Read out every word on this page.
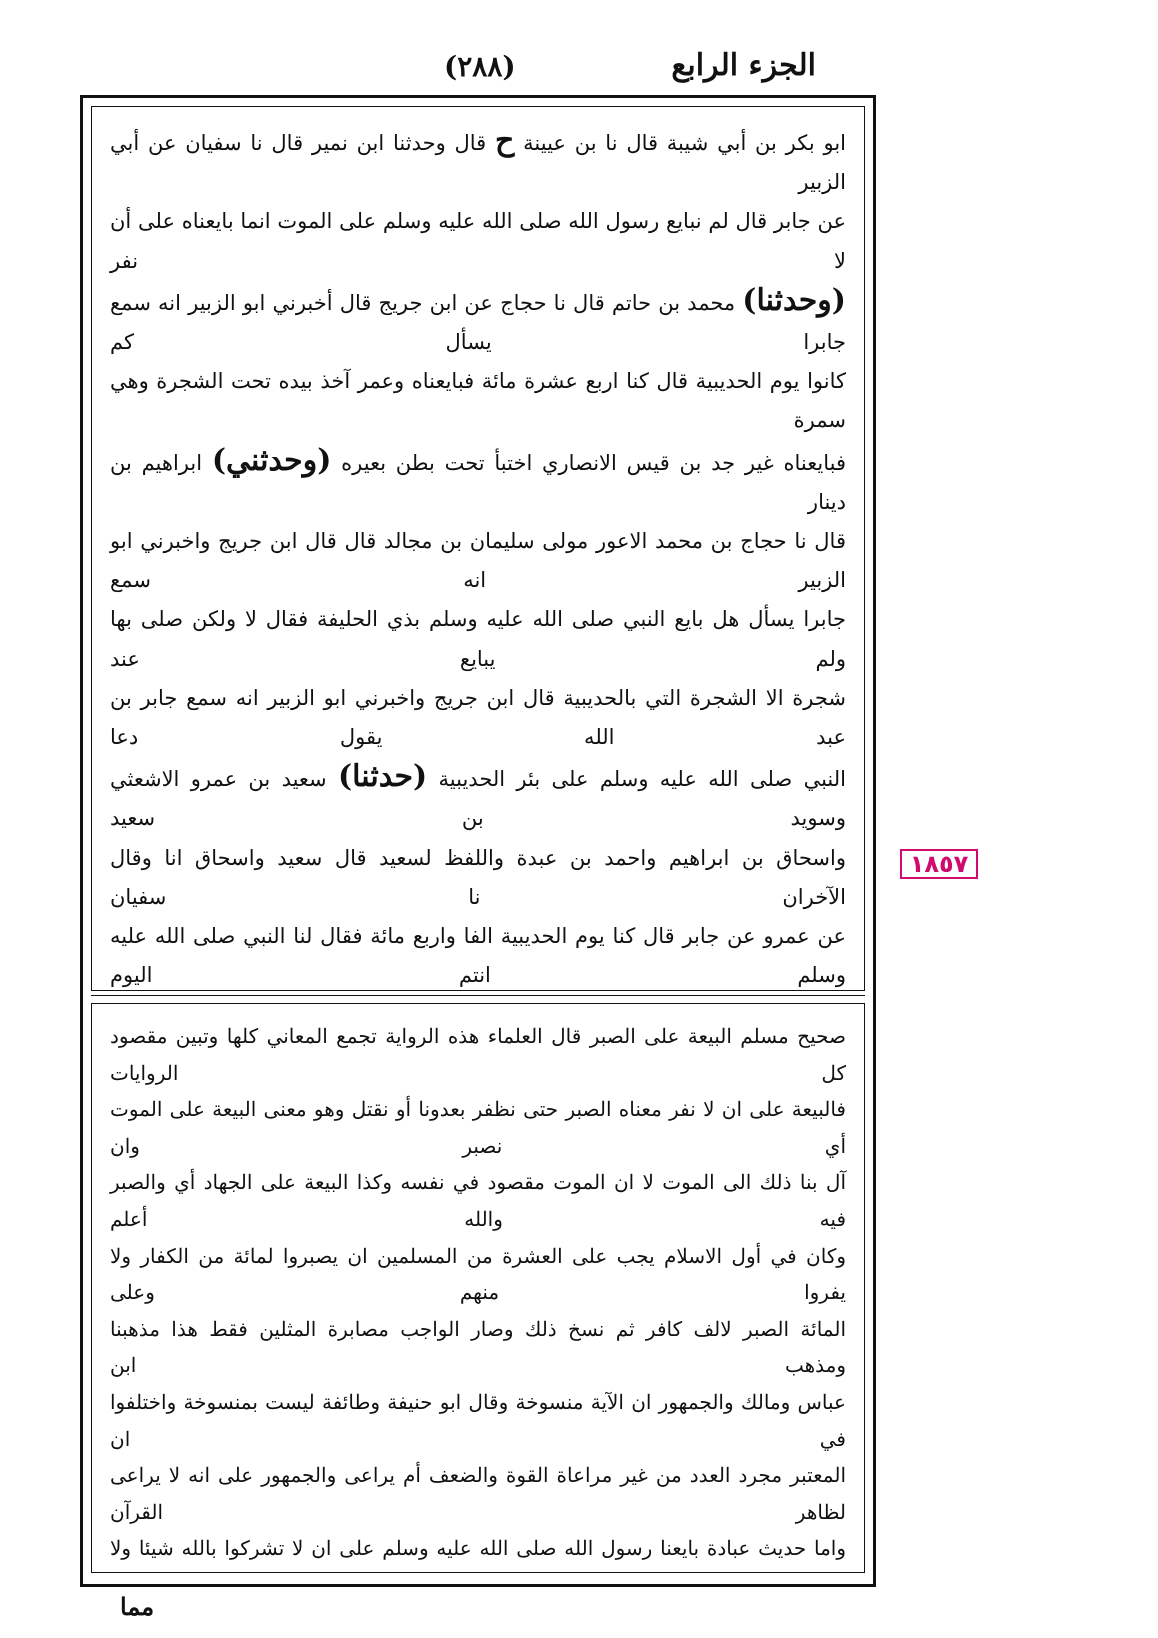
الجزء الرابع
(٢٨٨)

ابو بكر بن أبي شيبة قال نا بن عيينة ح قال وحدثنا ابن نمير قال نا سفيان عن أبي الزبير

عن جابر قال لم نبايع رسول الله صلى الله عليه وسلم على الموت انما بايعناه على أن لا نفر

(وحدثنا) محمد بن حاتم قال نا حجاج عن ابن جريج قال أخبرني ابو الزبير انه سمع جابرا يسأل كم

كانوا يوم الحديبية قال كنا اربع عشرة مائة فبايعناه وعمر آخذ بيده تحت الشجرة وهي سمرة

فبايعناه غير جد بن قيس الانصاري اختبأ تحت بطن بعيره (وحدثني) ابراهيم بن دينار

قال نا حجاج بن محمد الاعور مولى سليمان بن مجالد قال قال ابن جريج واخبرني ابو الزبير انه سمع

جابرا يسأل هل بايع النبي صلى الله عليه وسلم بذي الحليفة فقال لا ولكن صلى بها ولم يبايع عند

شجرة الا الشجرة التي بالحديبية قال ابن جريج واخبرني ابو الزبير انه سمع جابر بن عبد الله يقول دعا

النبي صلى الله عليه وسلم على بئر الحديبية (حدثنا) سعيد بن عمرو الاشعثي وسويد بن سعيد

واسحاق بن ابراهيم واحمد بن عبدة واللفظ لسعيد قال سعيد واسحاق انا وقال الآخران نا سفيان

عن عمرو عن جابر قال كنا يوم الحديبية الفا واربع مائة فقال لنا النبي صلى الله عليه وسلم انتم اليوم

صحيح مسلم البيعة على الصبر قال العلماء هذه الرواية تجمع المعاني كلها وتبين مقصود كل الروايات

فالبيعة على ان لا نفر معناه الصبر حتى نظفر بعدونا أو نقتل وهو معنى البيعة على الموت أي نصبر وان

آل بنا ذلك الى الموت لا ان الموت مقصود في نفسه وكذا البيعة على الجهاد أي والصبر فيه والله أعلم

وكان في أول الاسلام يجب على العشرة من المسلمين ان يصبروا لمائة من الكفار ولا يفروا منهم وعلى

المائة الصبر لالف كافر ثم نسخ ذلك وصار الواجب مصابرة المثلين فقط هذا مذهبنا ومذهب ابن

عباس ومالك والجمهور ان الآية منسوخة وقال ابو حنيفة وطائفة ليست بمنسوخة واختلفوا في ان

المعتبر مجرد العدد من غير مراعاة القوة والضعف أم يراعى والجمهور على انه لا يراعى لظاهر القرآن

واما حديث عبادة بايعنا رسول الله صلى الله عليه وسلم على ان لا تشركوا بالله شيئا ولا

١٨٥٧
مما
